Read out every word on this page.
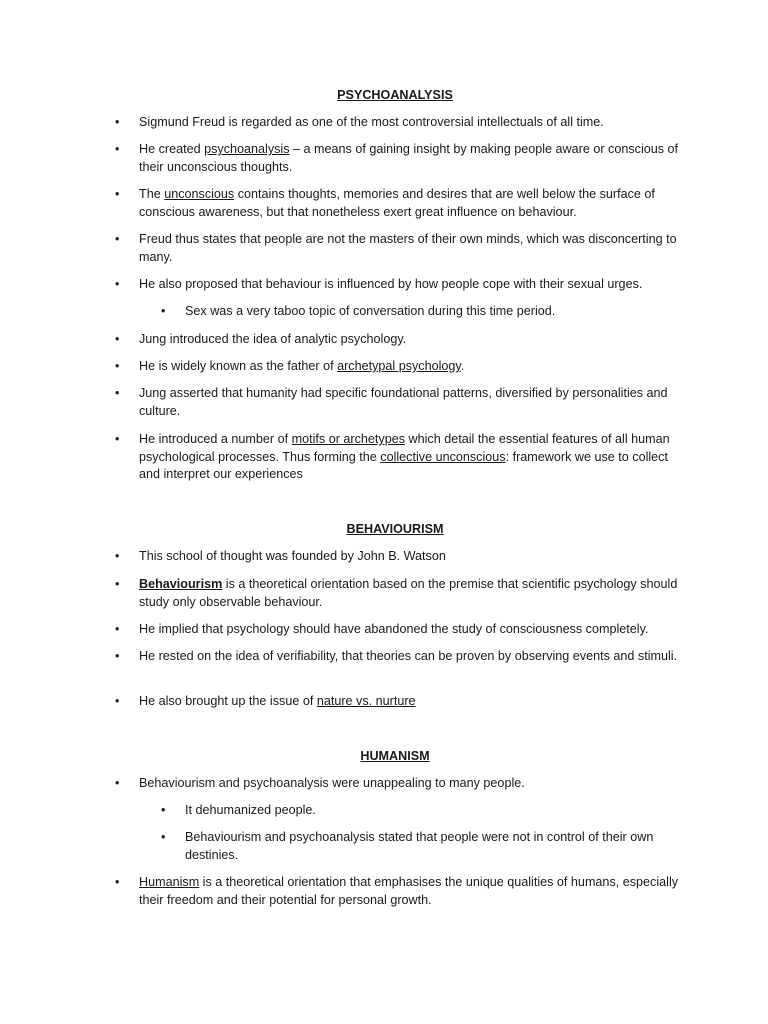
PSYCHOANALYSIS
• Sigmund Freud is regarded as one of the most controversial intellectuals of all time.
• He created psychoanalysis – a means of gaining insight by making people aware or conscious of their unconscious thoughts.
• The unconscious contains thoughts, memories and desires that are well below the surface of conscious awareness, but that nonetheless exert great influence on behaviour.
• Freud thus states that people are not the masters of their own minds, which was disconcerting to many.
• He also proposed that behaviour is influenced by how people cope with their sexual urges.
• Sex was a very taboo topic of conversation during this time period.
• Jung introduced the idea of analytic psychology.
• He is widely known as the father of archetypal psychology.
• Jung asserted that humanity had specific foundational patterns, diversified by personalities and culture.
• He introduced a number of motifs or archetypes which detail the essential features of all human psychological processes. Thus forming the collective unconscious: framework we use to collect and interpret our experiences
BEHAVIOURISM
• This school of thought was founded by John B. Watson
• Behaviourism is a theoretical orientation based on the premise that scientific psychology should study only observable behaviour.
• He implied that psychology should have abandoned the study of consciousness completely.
• He rested on the idea of verifiability, that theories can be proven by observing events and stimuli.
• He also brought up the issue of nature vs. nurture
HUMANISM
• Behaviourism and psychoanalysis were unappealing to many people.
• It dehumanized people.
• Behaviourism and psychoanalysis stated that people were not in control of their own destinies.
• Humanism is a theoretical orientation that emphasises the unique qualities of humans, especially their freedom and their potential for personal growth.
